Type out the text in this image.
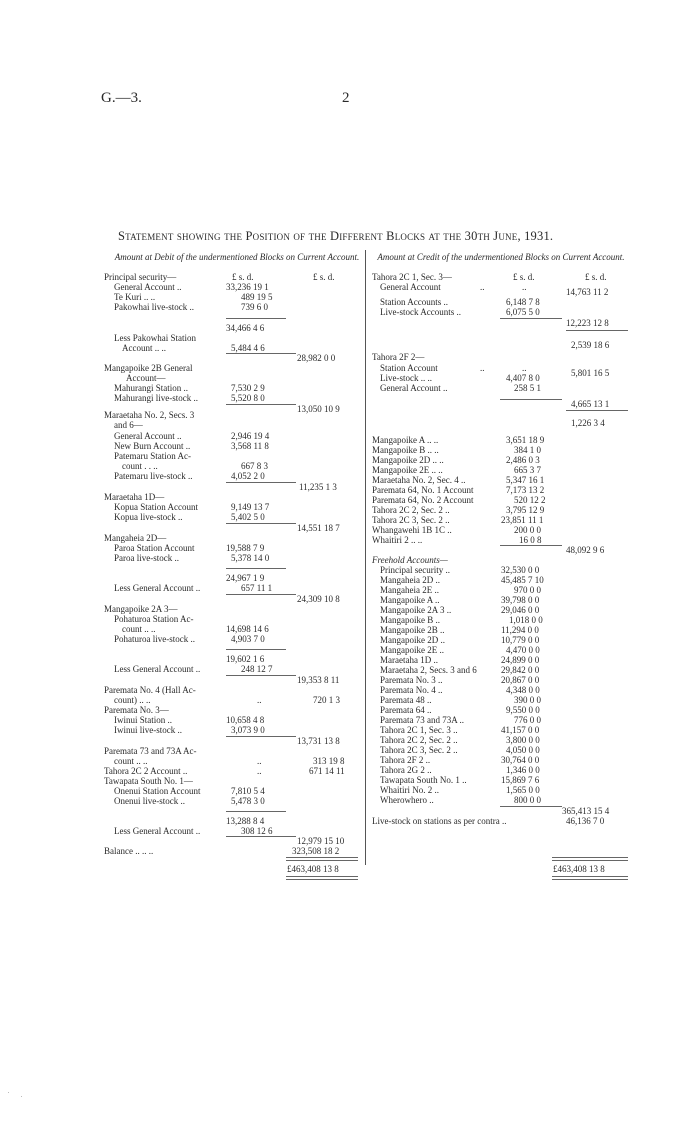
G.—3.	2
Statement showing the Position of the Different Blocks at the 30th June, 1931.
Amount at Debit of the undermentioned Blocks on Current Account.	Amount at Credit of the undermentioned Blocks on Current Account.
Principal security—	£ s. d.	£ s. d.
General Account ..	33,236 19 1
Te Kuri .. ..	489 19 5
Pakowhai live-stock ..	739 6 0
34,466 4 6
Less Pakowhai Station
Account .. ..	5,484 4 6
28,982 0 0
Mangapoike 2B General
Account—
Mahurangi Station ..	7,530 2 9
Mahurangi live-stock ..	5,520 8 0
13,050 10 9
Maraetaha No. 2, Secs. 3
and 6—
General Account ..	2,946 19 4
New Burn Account ..	3,568 11 8
Patemaru Station Ac-
count . . ..	667 8 3
Patemaru live-stock ..	4,052 2 0
11,235 1 3
Maraetaha 1D—
Kopua Station Account	9,149 13 7
Kopua live-stock ..	5,402 5 0
14,551 18 7
Mangaheia 2D—
Paroa Station Account	19,588 7 9
Paroa live-stock ..	5,378 14 0
24,967 1 9
Less General Account ..	657 11 1
24,309 10 8
Mangapoike 2A 3—
Pohaturoa Station Ac-
count .. ..	14,698 14 6
Pohaturoa live-stock ..	4,903 7 0
19,602 1 6
Less General Account ..	248 12 7
19,353 8 11
Paremata No. 4 (Hall Ac-
count) .. ..	..	720 1 3
Paremata No. 3—
Iwinui Station ..	10,658 4 8
Iwinui live-stock ..	3,073 9 0
13,731 13 8
Paremata 73 and 73A Ac-
count .. ..	..	313 19 8
Tahora 2C 2 Account ..	..	671 14 11
Tawapata South No. 1—
Onenui Station Account	7,810 5 4
Onenui live-stock ..	5,478 3 0
13,288 8 4
Less General Account ..	308 12 6
12,979 15 10
Balance .. .. ..	323,508 18 2
£463,408 13 8
Tahora 2C 1, Sec. 3—	£ s. d.	£ s. d.
General Account	..	..	14,763 11 2
Station Accounts ..	6,148 7 8
Live-stock Accounts ..	6,075 5 0
12,223 12 8
2,539 18 6
Tahora 2F 2—
Station Account	..	..	5,801 16 5
Live-stock .. ..	4,407 8 0
General Account ..	258 5 1
4,665 13 1
1,226 3 4
Mangapoike A .. ..	3,651 18 9
Mangapoike B .. ..	384 1 0
Mangapoike 2D .. ..	2,486 0 3
Mangapoike 2E .. ..	665 3 7
Maraetaha No. 2, Sec. 4 ..	5,347 16 1
Paremata 64, No. 1 Account	7,173 13 2
Paremata 64, No. 2 Account	520 12 2
Tahora 2C 2, Sec. 2 ..	3,795 12 9
Tahora 2C 3, Sec. 2 ..	23,851 11 1
Whangawehi 1B 1C ..	200 0 0
Whaitiri 2 .. ..	16 0 8
48,092 9 6
Freehold Accounts—
Principal security ..	32,530 0 0
Mangaheia 2D ..	45,485 7 10
Mangaheia 2E ..	970 0 0
Mangapoike A ..	39,798 0 0
Mangapoike 2A 3 ..	29,046 0 0
Mangapoike B ..	1,018 0 0
Mangapoike 2B ..	11,294 0 0
Mangapoike 2D ..	10,779 0 0
Mangapoike 2E ..	4,470 0 0
Maraetaha 1D ..	24,899 0 0
Maraetaha 2, Secs. 3 and 6	29,842 0 0
Paremata No. 3 ..	20,867 0 0
Paremata No. 4 ..	4,348 0 0
Paremata 48 ..	390 0 0
Paremata 64 ..	9,550 0 0
Paremata 73 and 73A ..	776 0 0
Tahora 2C 1, Sec. 3 ..	41,157 0 0
Tahora 2C 2, Sec. 2 ..	3,800 0 0
Tahora 2C 3, Sec. 2 ..	4,050 0 0
Tahora 2F 2 ..	30,764 0 0
Tahora 2G 2 ..	1,346 0 0
Tawapata South No. 1 ..	15,869 7 6
Whaitiri No. 2 ..	1,565 0 0
Wherowhero ..	800 0 0
365,413 15 4
Live-stock on stations as per contra ..	46,136 7 0
£463,408 13 8
